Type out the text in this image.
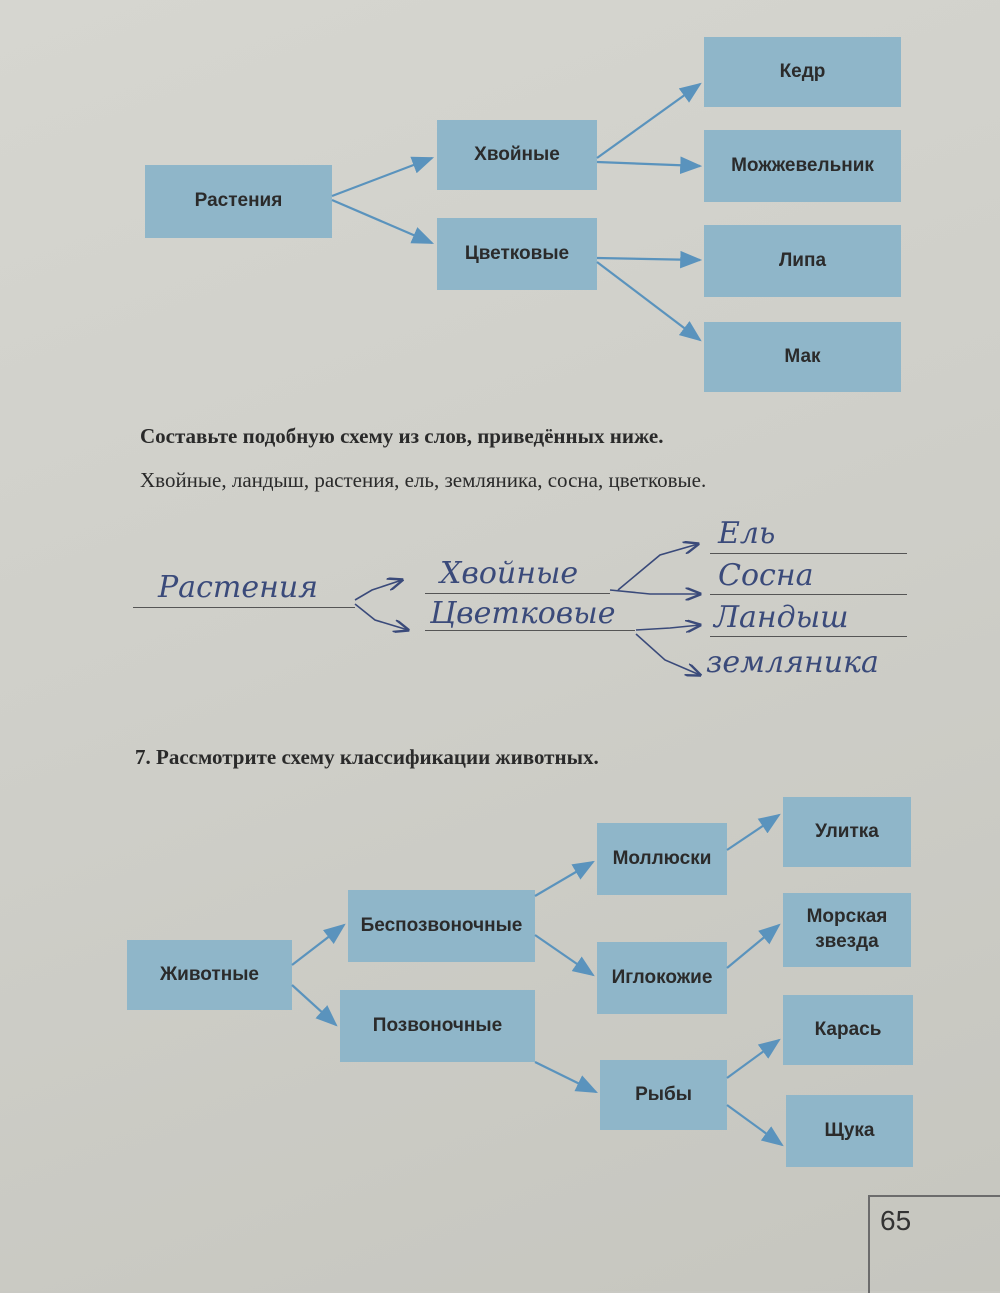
Растения
Хвойные
Цветковые
Кедр
Можжевельник
Липа
Мак
Составьте подобную схему из слов, приведённых ниже.
Хвойные, ландыш, растения, ель, земляника, сосна, цветковые.
Растения	Хвойные
Цветковые
Ель
Сосна
Ландыш
земляника
7. Рассмотрите схему классификации животных.
Животные
Беспозвоночные
Позвоночные
Моллюски
Иглокожие
Рыбы
Улитка
Морская
звезда
Карась
Щука
65
